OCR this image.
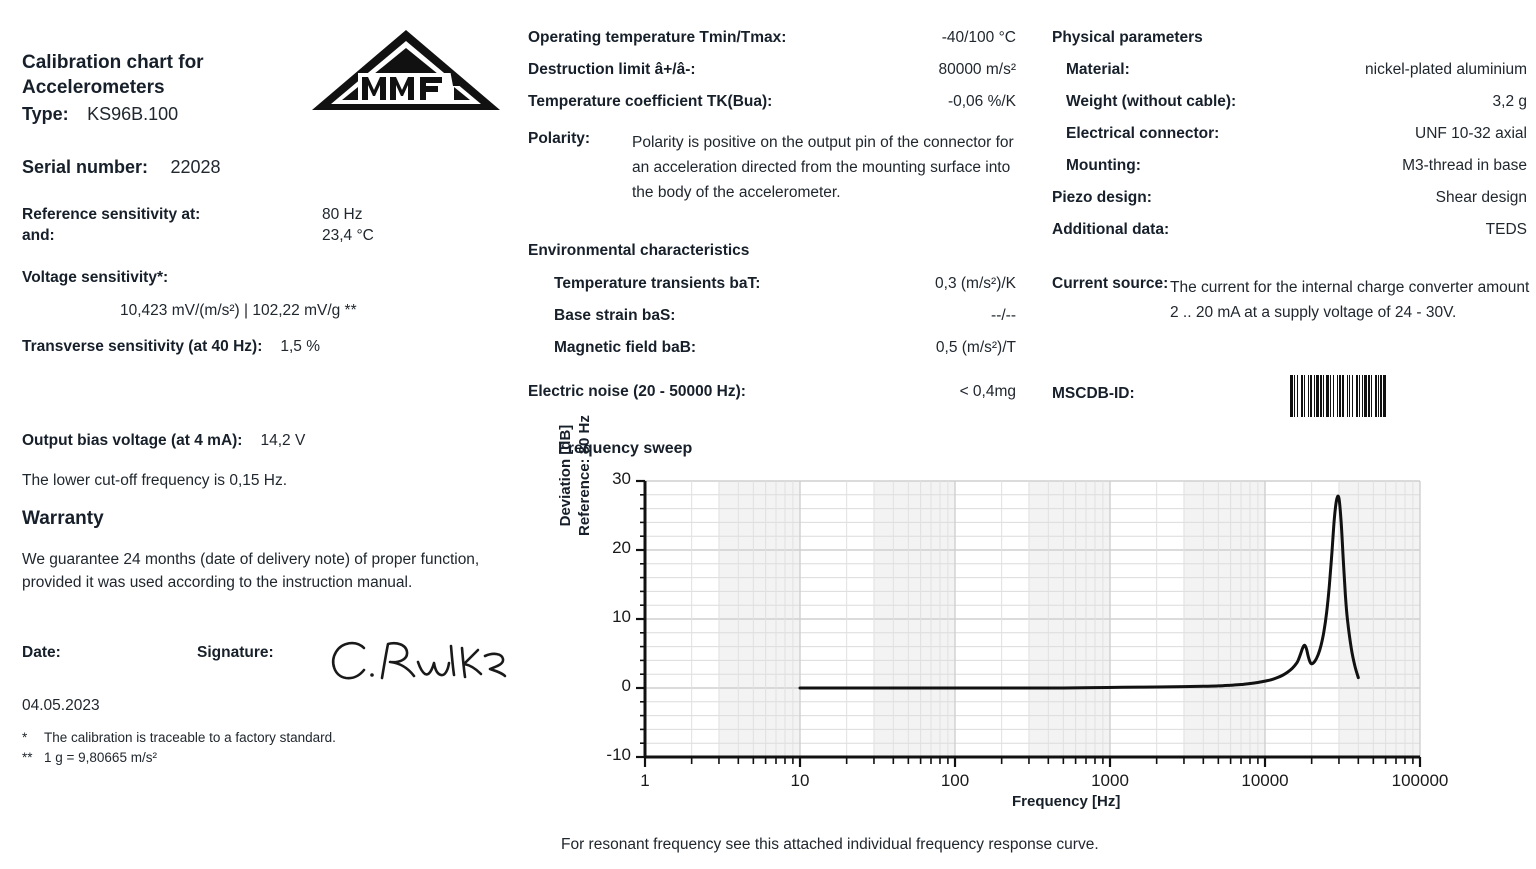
Calibration chart for
Accelerometers
Type: KS96B.100
Serial number: 22028
Reference sensitivity at:	80 Hz
and:	23,4 °C
Voltage sensitivity*:
10,423 mV/(m/s²) | 102,22 mV/g **
Transverse sensitivity (at 40 Hz): 1,5 %
Output bias voltage (at 4 mA): 14,2 V
The lower cut-off frequency is 0,15 Hz.
Warranty
We guarantee 24 months (date of delivery note) of proper function, provided it was used according to the instruction manual.
Date:	Signature:
04.05.2023
*	The calibration is traceable to a factory standard.
** 1 g = 9,80665 m/s²
Operating temperature Tmin/Tmax:	-40/100 °C
Destruction limit â+/â-:	80000 m/s²
Temperature coefficient TK(Bua):	-0,06 %/K
Polarity:	Polarity is positive on the output pin of the connector for an acceleration directed from the mounting surface into the body of the accelerometer.
Environmental characteristics
Temperature transients baT:	0,3 (m/s²)/K
Base strain baS:	--/--
Magnetic field baB:	0,5 (m/s²)/T
Electric noise (20 - 50000 Hz):	< 0,4mg
Physical parameters
Material:	nickel-plated aluminium
Weight (without cable):	3,2 g
Electrical connector:	UNF 10-32 axial
Mounting:	M3-thread in base
Piezo design:	Shear design
Additional data:	TEDS
Current source: The current for the internal charge converter amount 2 .. 20 mA at a supply voltage of 24 - 30V.
MSCDB-ID:
Frequency sweep
Deviation [dB] Reference: 80 Hz
Frequency [Hz]
For resonant frequency see this attached individual frequency response curve.
-10
0
10
20
30
1	10	100	1000	10000	100000
